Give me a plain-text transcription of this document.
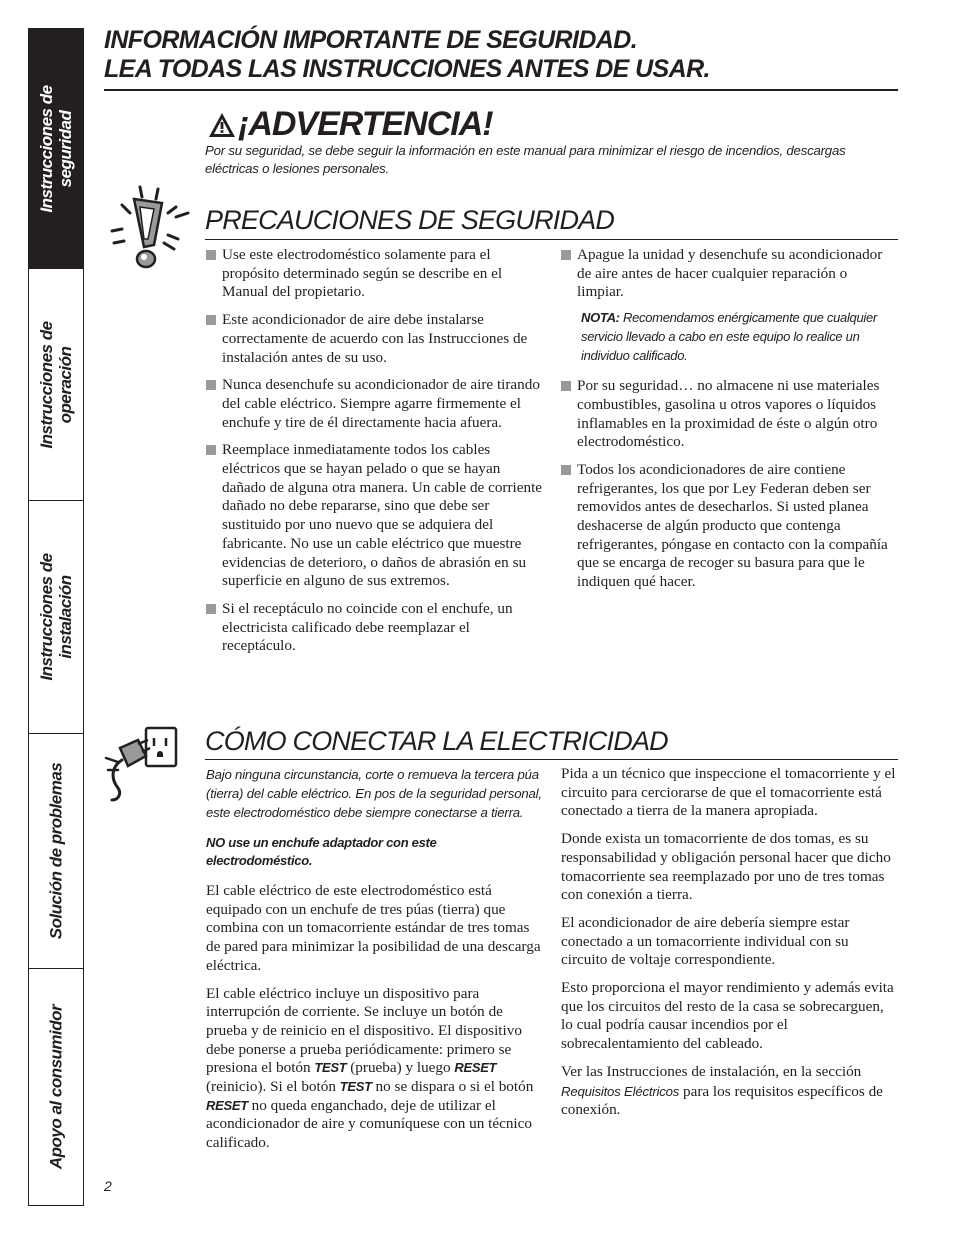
Instrucciones de seguridad
Instrucciones de operación
Instrucciones de instalación
Solución de problemas
Apoyo al consumidor
INFORMACIÓN IMPORTANTE DE SEGURIDAD.
LEA TODAS LAS INSTRUCCIONES ANTES DE USAR.
¡ADVERTENCIA!
Por su seguridad, se debe seguir la información en este manual para minimizar el riesgo de incendios, descargas eléctricas o lesiones personales.
PRECAUCIONES DE SEGURIDAD
Use este electrodoméstico solamente para el propósito determinado según se describe en el Manual del propietario.
Este acondicionador de aire debe instalarse correctamente de acuerdo con las Instrucciones de instalación antes de su uso.
Nunca desenchufe su acondicionador de aire tirando del cable eléctrico. Siempre agarre firmemente el enchufe y tire de él directamente hacia afuera.
Reemplace inmediatamente todos los cables eléctricos que se hayan pelado o que se hayan dañado de alguna otra manera. Un cable de corriente dañado no debe repararse, sino que debe ser sustituido por uno nuevo que se adquiera del fabricante. No use un cable eléctrico que muestre evidencias de deterioro, o daños de abrasión en su superficie en alguno de sus extremos.
Si el receptáculo no coincide con el enchufe, un electricista calificado debe reemplazar el receptáculo.
Apague la unidad y desenchufe su acondicionador de aire antes de hacer cualquier reparación o limpiar.
NOTA: Recomendamos enérgicamente que cualquier servicio llevado a cabo en este equipo lo realice un individuo calificado.
Por su seguridad… no almacene ni use materiales combustibles, gasolina u otros vapores o líquidos inflamables en la proximidad de éste o algún otro electrodoméstico.
Todos los acondicionadores de aire contiene refrigerantes, los que por Ley Federan deben ser removidos antes de desecharlos. Si usted planea deshacerse de algún producto que contenga refrigerantes, póngase en contacto con la compañía que se encarga de recoger su basura para que le indiquen qué hacer.
CÓMO CONECTAR LA ELECTRICIDAD
Bajo ninguna circunstancia, corte o remueva la tercera púa (tierra) del cable eléctrico. En pos de la seguridad personal, este electrodoméstico debe siempre conectarse a tierra.
NO use un enchufe adaptador con este electrodoméstico.
El cable eléctrico de este electrodoméstico está equipado con un enchufe de tres púas (tierra) que combina con un tomacorriente estándar de tres tomas de pared para minimizar la posibilidad de una descarga eléctrica.
El cable eléctrico incluye un dispositivo para interrupción de corriente. Se incluye un botón de prueba y de reinicio en el dispositivo. El dispositivo debe ponerse a prueba periódicamente: primero se presiona el botón TEST (prueba) y luego RESET (reinicio). Si el botón TEST no se dispara o si el botón RESET no queda enganchado, deje de utilizar el acondicionador de aire y comuníquese con un técnico calificado.
Pida a un técnico que inspeccione el tomacorriente y el circuito para cerciorarse de que el tomacorriente está conectado a tierra de la manera apropiada.
Donde exista un tomacorriente de dos tomas, es su responsabilidad y obligación personal hacer que dicho tomacorriente sea reemplazado por uno de tres tomas con conexión a tierra.
El acondicionador de aire debería siempre estar conectado a un tomacorriente individual con su circuito de voltaje correspondiente.
Esto proporciona el mayor rendimiento y además evita que los circuitos del resto de la casa se sobrecarguen, lo cual podría causar incendios por el sobrecalentamiento del cableado.
Ver las Instrucciones de instalación, en la sección Requisitos Eléctricos para los requisitos específicos de conexión.
2
